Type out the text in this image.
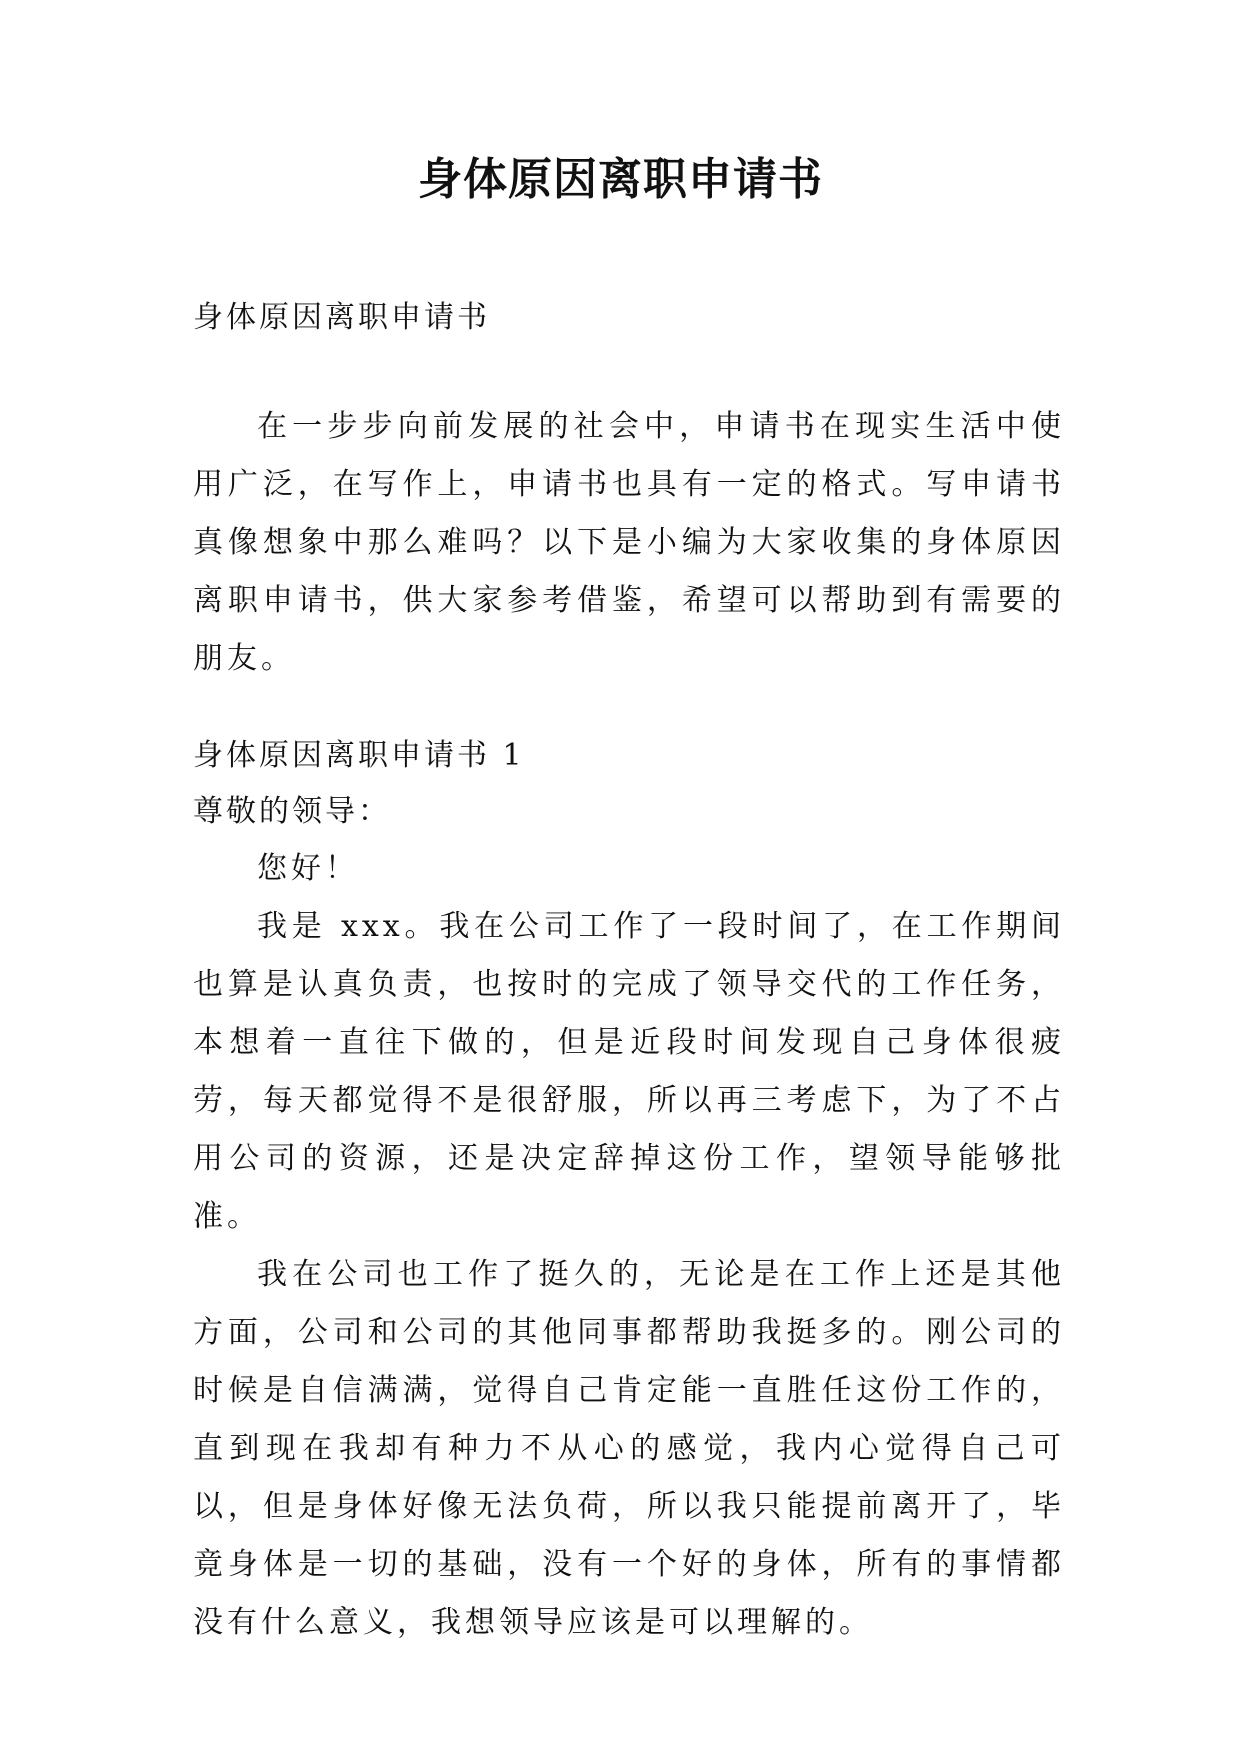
身体原因离职申请书

身体原因离职申请书

在一步步向前发展的社会中，申请书在现实生活中使用广泛，在写作上，申请书也具有一定的格式。写申请书真像想象中那么难吗？以下是小编为大家收集的身体原因离职申请书，供大家参考借鉴，希望可以帮助到有需要的朋友。

身体原因离职申请书 1

尊敬的领导：

您好！

我是 xxx。我在公司工作了一段时间了，在工作期间也算是认真负责，也按时的完成了领导交代的工作任务，本想着一直往下做的，但是近段时间发现自己身体很疲劳，每天都觉得不是很舒服，所以再三考虑下，为了不占用公司的资源，还是决定辞掉这份工作，望领导能够批准。

我在公司也工作了挺久的，无论是在工作上还是其他方面，公司和公司的其他同事都帮助我挺多的。刚公司的时候是自信满满，觉得自己肯定能一直胜任这份工作的，直到现在我却有种力不从心的感觉，我内心觉得自己可以，但是身体好像无法负荷，所以我只能提前离开了，毕竟身体是一切的基础，没有一个好的身体，所有的事情都没有什么意义，我想领导应该是可以理解的。
